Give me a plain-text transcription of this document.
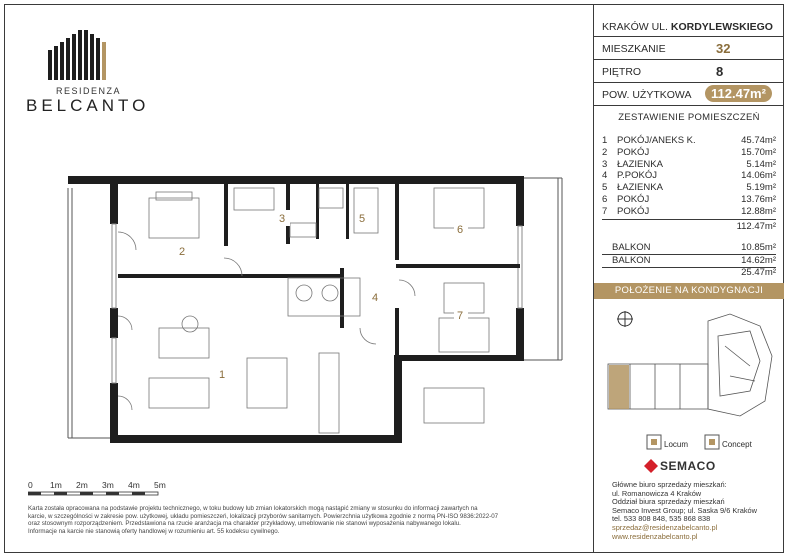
RESIDENZA
BELCANTO
1
2
3
4
5
6
7
0 1m 2m 3m 4m 5m
Karta została opracowana na podstawie projektu technicznego, w toku budowy lub zmian lokatorskich mogą nastąpić zmiany w stosunku do informacji zawartych na
karcie, w szczególności w zakresie pow. użytkowej, układu pomieszczeń, lokalizacji przyborów sanitarnych. Powierzchnia użytkowa zgodnie z normą PN-ISO 9836:2022-07
oraz stosownym rozporządzeniem. Przedstawiona na rzucie aranżacja ma charakter przykładowy, umeblowanie nie stanowi wyposażenia nabywanego lokalu.
Informacje na karcie nie stanowią oferty handlowej w rozumieniu art. 55 kodeksu cywilnego.
KRAKÓW UL. KORDYLEWSKIEGO
MIESZKANIE	32
PIĘTRO	8
POW. UŻYTKOWA	112.47m²
ZESTAWIENIE POMIESZCZEŃ
1 POKÓJ/ANEKS K.	45.74m²
2 POKÓJ	15.70m²
3 ŁAZIENKA	5.14m²
4 P.POKÓJ	14.06m²
5 ŁAZIENKA	5.19m²
6 POKÓJ	13.76m²
7 POKÓJ	12.88m²
112.47m²
BALKON	10.85m²
BALKON	14.62m²
25.47m²
POŁOŻENIE NA KONDYGNACJI
Locum	Concept
SEMACO
Główne biuro sprzedaży mieszkań:
ul. Romanowicza 4 Kraków
Oddział biura sprzedaży mieszkań
Semaco Invest Group; ul. Saska 9/6 Kraków
tel. 533 808 848, 535 868 838
sprzedaz@residenzabelcanto.pl
www.residenzabelcanto.pl
